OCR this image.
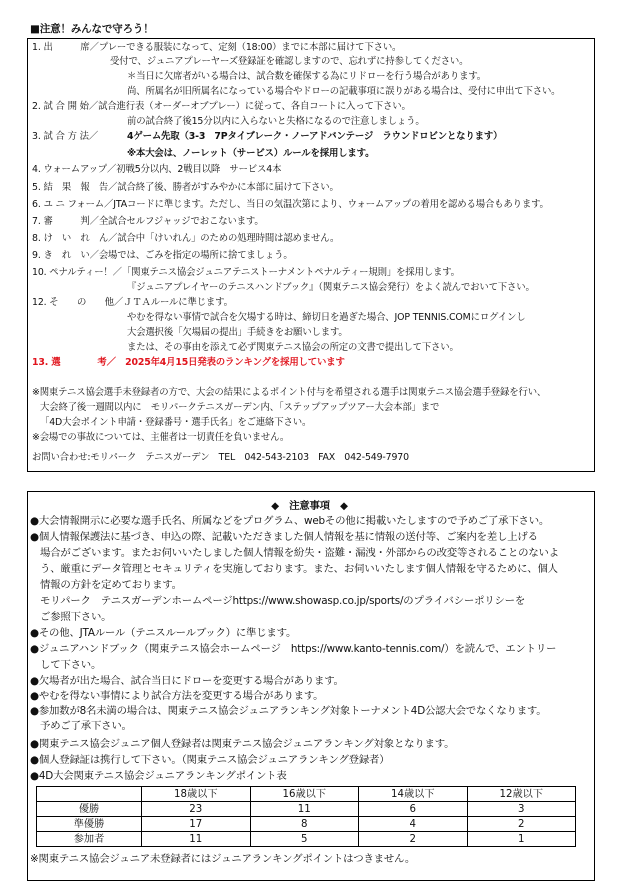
■注意！みんなで守ろう！
1. 出　　　席／プレーできる服装になって、定刻（18:00）までに本部に届けて下さい。
受付で、ジュニアプレーヤーズ登録証を確認しますので、忘れずに持参してください。
＊当日に欠席者がいる場合は、試合数を確保する為にリドローを行う場合があります。
尚、所属名が旧所属名になっている場合やドローの記載事項に誤りがある場合は、受付に申出て下さい。
2. 試 合 開 始／試合進行表（オーダーオブプレー）に従って、各自コートに入って下さい。
前の試合終了後15分以内に入らないと失格になるので注意しましょう。
3. 試 合 方 法／	4ゲーム先取（3-3　7Pタイブレーク・ノーアドバンテージ　ラウンドロビンとなります）
※本大会は、ノーレット（サービス）ルールを採用します。
4. ウォームアップ／初戦5分以内、2戦目以降　サービス4本
5. 結　果　報　告／試合終了後、勝者がすみやかに本部に届けて下さい。
6. ユ ニ フォーム／JTAコードに準じます。ただし、当日の気温次第により、ウォームアップの着用を認める場合もあります。
7. 審　　　判／全試合セルフジャッジでおこないます。
8. け　い　れ　ん／試合中「けいれん」のための処理時間は認めません。
9. き　れ　い／会場では、ごみを指定の場所に捨てましょう。
10. ペナルティー！／「関東テニス協会ジュニアテニストーナメントペナルティー規則」を採用します。
『ジュニアプレイヤーのテニスハンドブック』（関東テニス協会発行）をよく読んでおいて下さい。
12. そ　　の　　他／ＪＴＡルールに準じます。
やむを得ない事情で試合を欠場する時は、締切日を過ぎた場合、JOP TENNIS.COMにログインし
大会選択後「欠場届の提出」手続きをお願いします。
または、その事由を添えて必ず関東テニス協会の所定の文書で提出して下さい。
13. 選　　　　考／　2025年4月15日発表のランキングを採用しています
※関東テニス協会選手未登録者の方で、大会の結果によるポイント付与を希望される選手は関東テニス協会選手登録を行い、
大会終了後一週間以内に　モリパークテニスガーデン内、「ステップアップツアー大会本部」まで
「4D大会ポイント申請・登録番号・選手氏名」をご連絡下さい。
※会場での事故については、主催者は一切責任を負いません。
お問い合わせ:モリパーク　テニスガーデン　TEL　042-543-2103　FAX　042-549-7970
◆　注意事項　◆
●大会情報開示に必要な選手氏名、所属などをプログラム、webその他に掲載いたしますので予めご了承下さい。
●個人情報保護法に基づき、申込の際、記載いただきました個人情報を基に情報の送付等、ご案内を差し上げる
場合がございます。またお伺いいたしました個人情報を紛失・盗難・漏洩・外部からの改変等されることのないよ
う、厳重にデータ管理とセキュリティを実施しております。また、お伺いいたします個人情報を守るために、個人
情報の方針を定めております。
モリパーク　テニスガーデンホームページhttps://www.showasp.co.jp/sports/のプライバシーポリシーを
ご参照下さい。
●その他、JTAルール（テニスルールブック）に準じます。
●ジュニアハンドブック（関東テニス協会ホームページ　https://www.kanto-tennis.com/）を読んで、エントリー
して下さい。
●欠場者が出た場合、試合当日にドローを変更する場合があります。
●やむを得ない事情により試合方法を変更する場合があります。
●参加数が8名未満の場合は、関東テニス協会ジュニアランキング対象トーナメント4D公認大会でなくなります。
予めご了承下さい。
●関東テニス協会ジュニア個人登録者は関東テニス協会ジュニアランキング対象となります。
●個人登録証は携行して下さい。（関東テニス協会ジュニアランキング登録者）
●4D大会関東テニス協会ジュニアランキングポイント表
	18歳以下	16歳以下	14歳以下	12歳以下
優勝	23	11	6	3
準優勝	17	8	4	2
参加者	11	5	2	1
※関東テニス協会ジュニア未登録者にはジュニアランキングポイントはつきません。
